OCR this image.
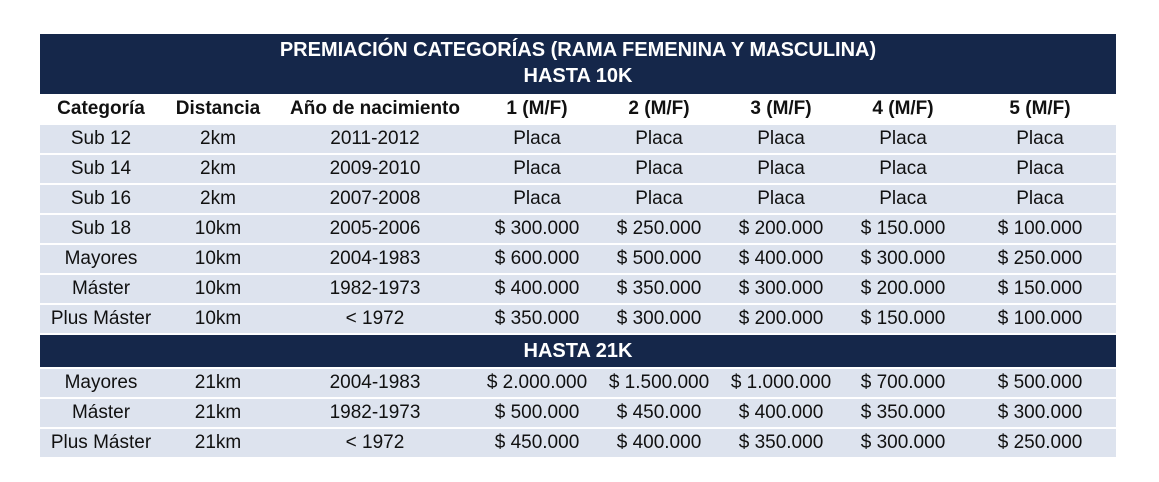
PREMIACIÓN CATEGORÍAS (RAMA FEMENINA Y MASCULINA)
HASTA 10K
Categoría	Distancia	Año de nacimiento	1 (M/F)	2 (M/F)	3 (M/F)	4 (M/F)	5 (M/F)
Sub 12	2km	2011-2012	Placa	Placa	Placa	Placa	Placa
Sub 14	2km	2009-2010	Placa	Placa	Placa	Placa	Placa
Sub 16	2km	2007-2008	Placa	Placa	Placa	Placa	Placa
Sub 18	10km	2005-2006	$ 300.000	$ 250.000	$ 200.000	$ 150.000	$ 100.000
Mayores	10km	2004-1983	$ 600.000	$ 500.000	$ 400.000	$ 300.000	$ 250.000
Máster	10km	1982-1973	$ 400.000	$ 350.000	$ 300.000	$ 200.000	$ 150.000
Plus Máster	10km	< 1972	$ 350.000	$ 300.000	$ 200.000	$ 150.000	$ 100.000
HASTA 21K
Mayores	21km	2004-1983	$ 2.000.000	$ 1.500.000	$ 1.000.000	$ 700.000	$ 500.000
Máster	21km	1982-1973	$ 500.000	$ 450.000	$ 400.000	$ 350.000	$ 300.000
Plus Máster	21km	< 1972	$ 450.000	$ 400.000	$ 350.000	$ 300.000	$ 250.000
